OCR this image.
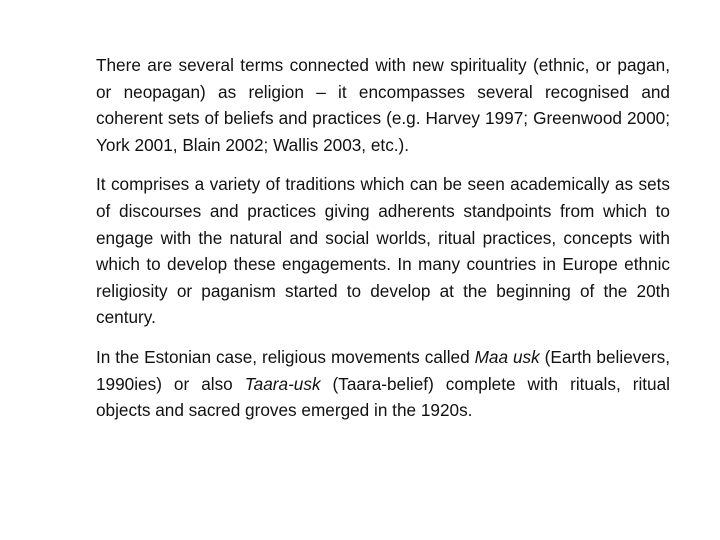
There are several terms connected with new spirituality (ethnic, or pagan, or neopagan) as religion – it encompasses several recognised and coherent sets of beliefs and practices (e.g. Harvey 1997; Greenwood 2000; York 2001, Blain 2002; Wallis 2003, etc.).

It comprises a variety of traditions which can be seen academically as sets of discourses and practices giving adherents standpoints from which to engage with the natural and social worlds, ritual practices, concepts with which to develop these engagements. In many countries in Europe ethnic religiosity or paganism started to develop at the beginning of the 20th century.

In the Estonian case, religious movements called Maa usk (Earth believers, 1990ies) or also Taara-usk (Taara-belief) complete with rituals, ritual objects and sacred groves emerged in the 1920s.
